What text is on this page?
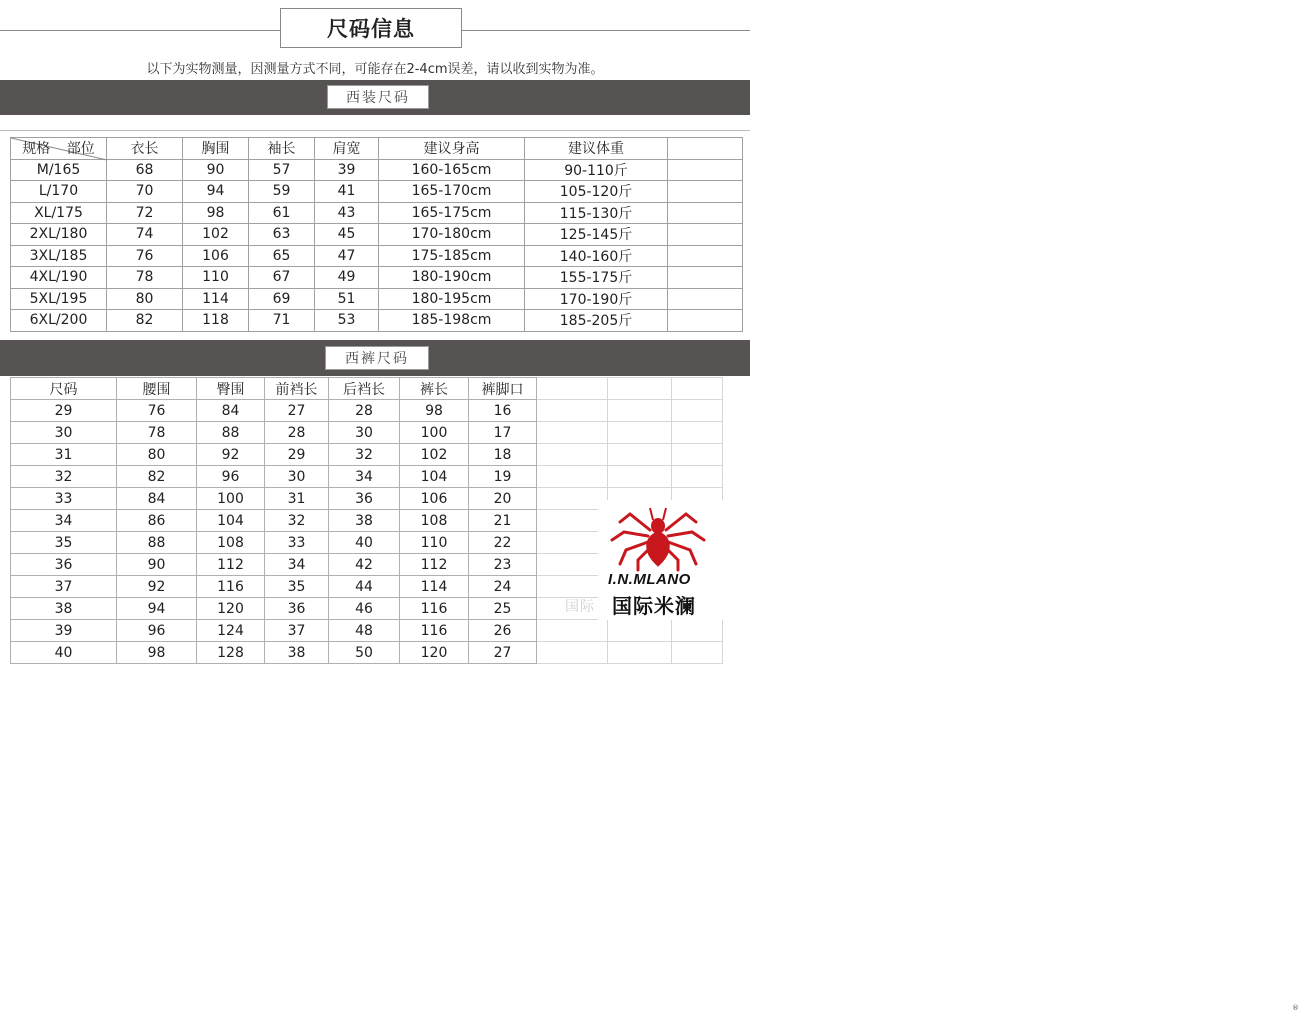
尺码信息
以下为实物测量，因测量方式不同，可能存在2-4cm误差，请以收到实物为准。
西装尺码
规格 部位	衣长	胸围	袖长	肩宽	建议身高	建议体重	
M/165	68	90	57	39	160-165cm	90-110斤	
L/170	70	94	59	41	165-170cm	105-120斤	
XL/175	72	98	61	43	165-175cm	115-130斤	
2XL/180	74	102	63	45	170-180cm	125-145斤	
3XL/185	76	106	65	47	175-185cm	140-160斤	
4XL/190	78	110	67	49	180-190cm	155-175斤	
5XL/195	80	114	69	51	180-195cm	170-190斤	
6XL/200	82	118	71	53	185-198cm	185-205斤	
西裤尺码
尺码	腰围	臀围	前裆长	后裆长	裤长	裤脚口			
29	76	84	27	28	98	16			
30	78	88	28	30	100	17			
31	80	92	29	32	102	18			
32	82	96	30	34	104	19			
33	84	100	31	36	106	20			
34	86	104	32	38	108	21			
35	88	108	33	40	110	22			
36	90	112	34	42	112	23			
37	92	116	35	44	114	24			
38	94	120	36	46	116	25			
39	96	124	37	48	116	26			
40	98	128	38	50	120	27			
®
国际
I.N.MLANO
国际米澜
